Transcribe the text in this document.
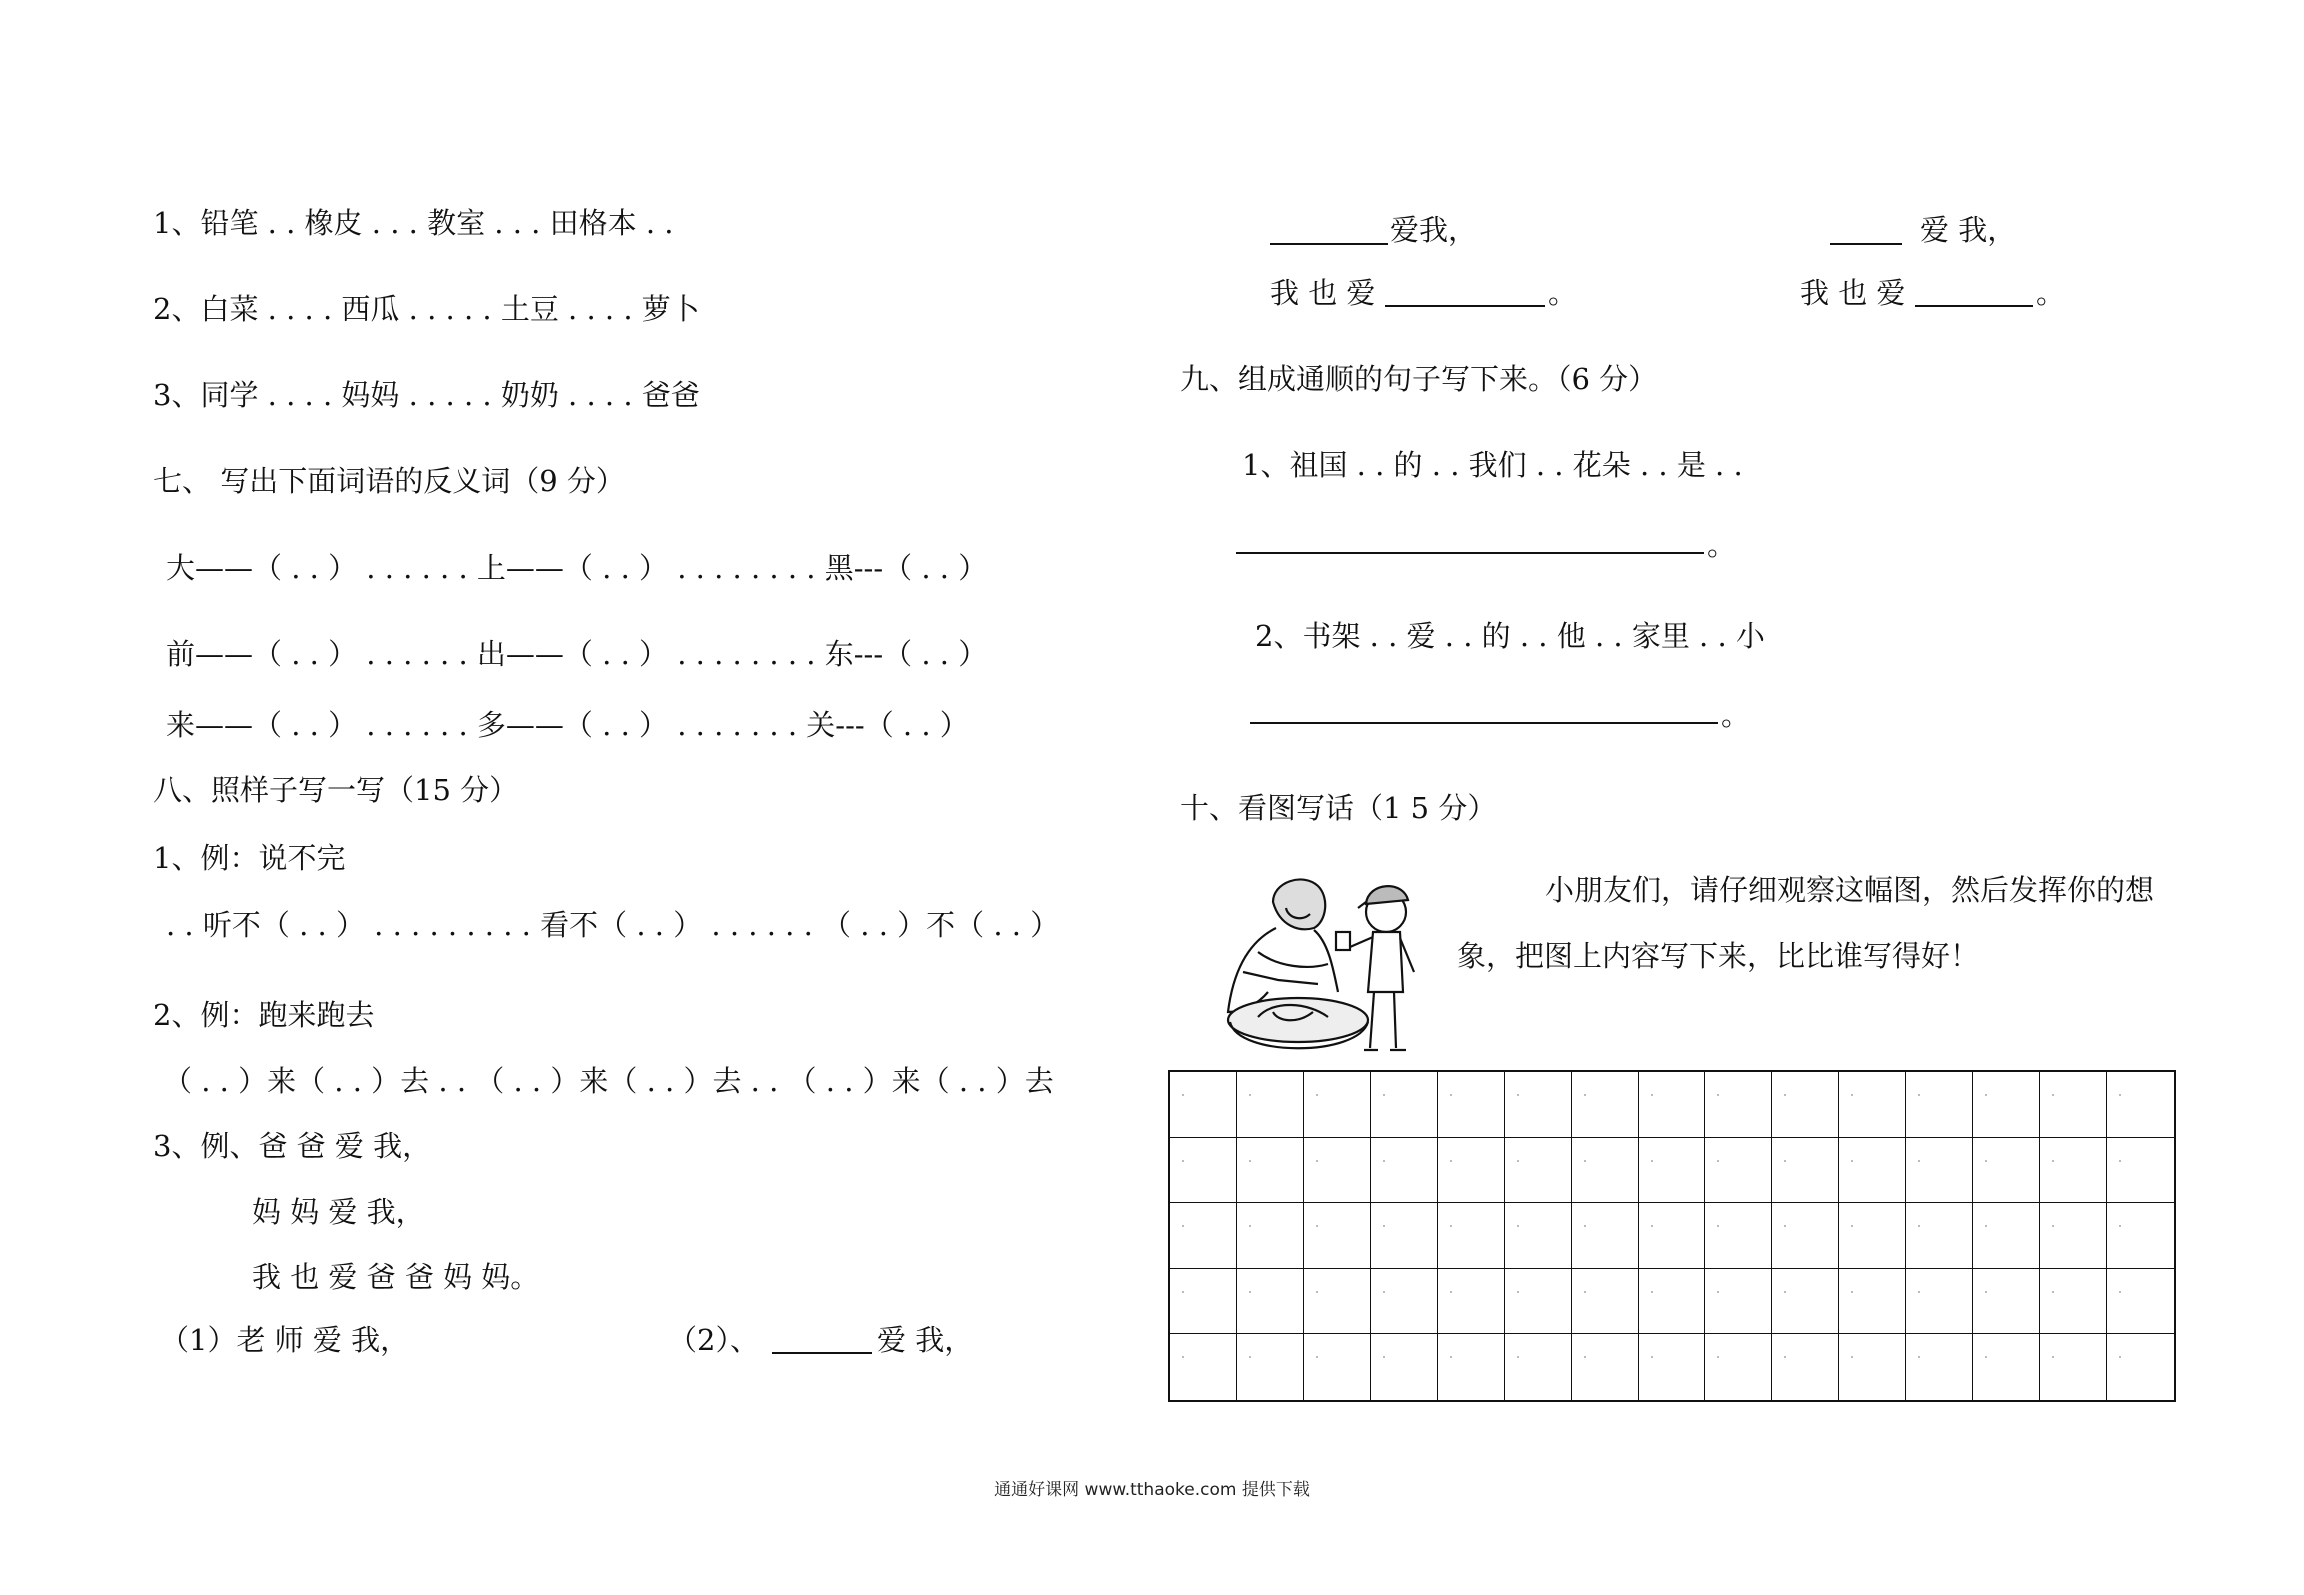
1、铅笔 . . 橡皮 . . . 教室 . . . 田格本 . .
2、白菜 . . . . 西瓜 . . . . . 土豆 . . . . 萝卜
3、同学 . . . . 妈妈 . . . . . 奶奶 . . . . 爸爸
七、 写出下面词语的反义词（9 分）
大——（ . . ） . . . . . . 上——（ . . ） . . . . . . . . 黑---（ . . ）
前——（ . . ） . . . . . . 出——（ . . ） . . . . . . . . 东---（ . . ）
来——（ . . ） . . . . . . 多——（ . . ） . . . . . . . 关---（ . . ）
八、照样子写一写（15 分）
1、例：说不完
. . 听不（ . . ） . . . . . . . . . 看不（ . . ） . . . . . . （ . . ）不（ . . ）
2、例：跑来跑去
（ . . ）来（ . . ）去 . . （ . . ）来（ . . ）去 . . （ . . ）来（ . . ）去
3、例、爸 爸 爱 我，
妈 妈 爱 我，
我 也 爱 爸 爸 妈 妈。
（1）老 师 爱 我，	（2）、	爱 我，
爱我，	爱 我，
我 也 爱	。	我 也 爱	。
九、组成通顺的句子写下来。（6 分）
1、祖国 . . 的 . . 我们 . . 花朵 . . 是 . .
。
2、书架 . . 爱 . . 的 . . 他 . . 家里 . . 小
。
十、看图写话（1 5 分）
小朋友们，请仔细观察这幅图，然后发挥你的想
象，把图上内容写下来，比比谁写得好！
通通好课网 www.tthaoke.com 提供下载
